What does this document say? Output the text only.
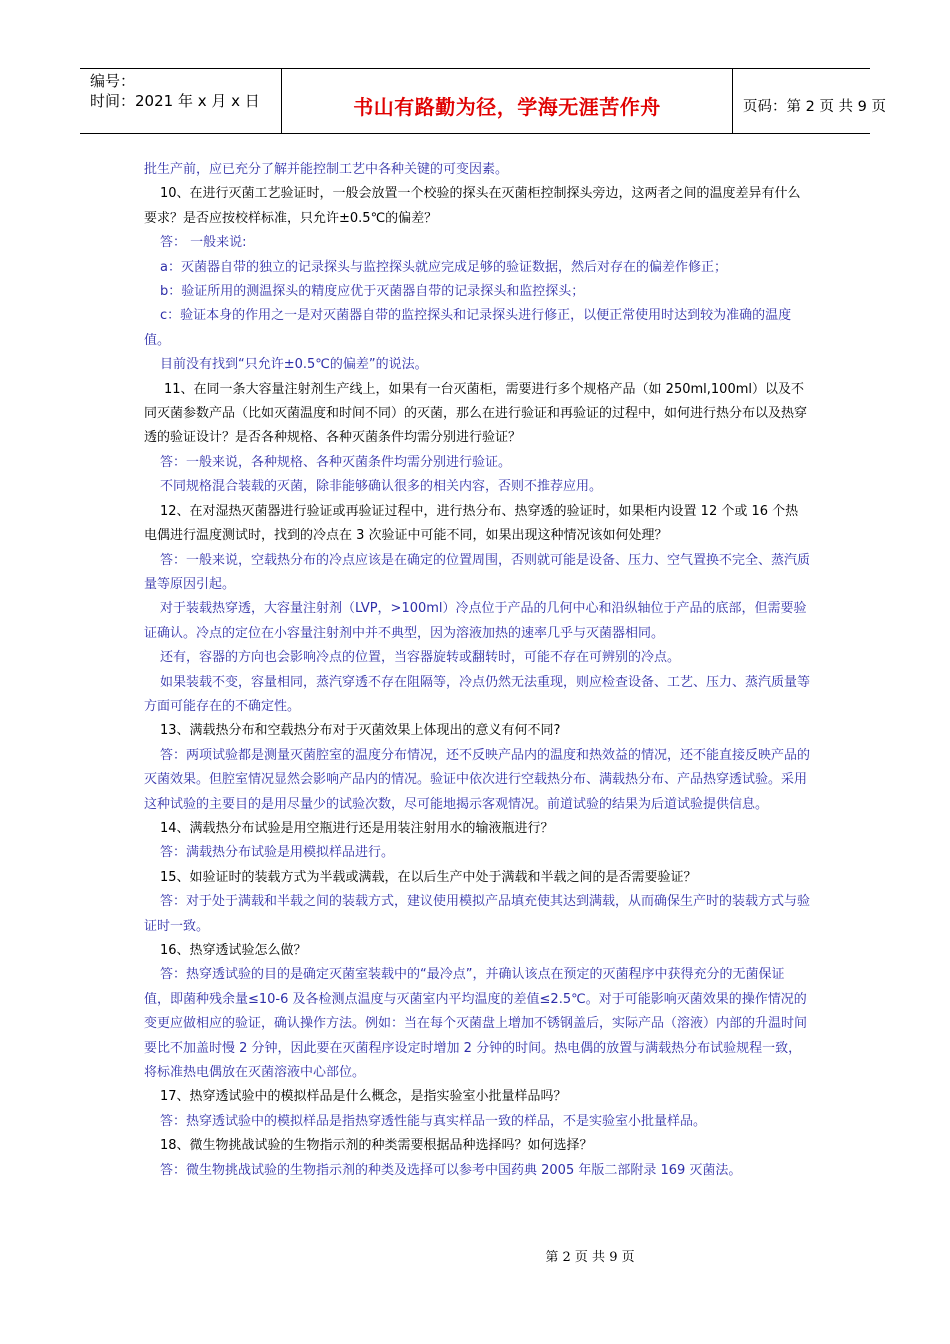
编号：
时间：2021 年 x 月 x 日	书山有路勤为径，学海无涯苦作舟	页码：第 2 页 共 9 页

批生产前，应已充分了解并能控制工艺中各种关键的可变因素。

10、在进行灭菌工艺验证时，一般会放置一个校验的探头在灭菌柜控制探头旁边，这两者之间的温度差异有什么要求？是否应按校样标准，只允许±0.5℃的偏差？

答： 一般来说:

a：灭菌器自带的独立的记录探头与监控探头就应完成足够的验证数据，然后对存在的偏差作修正；

b：验证所用的测温探头的精度应优于灭菌器自带的记录探头和监控探头；

c：验证本身的作用之一是对灭菌器自带的监控探头和记录探头进行修正，以便正常使用时达到较为准确的温度值。

目前没有找到“只允许±0.5℃的偏差”的说法。

11、在同一条大容量注射剂生产线上，如果有一台灭菌柜，需要进行多个规格产品（如 250ml,100ml）以及不同灭菌参数产品（比如灭菌温度和时间不同）的灭菌，那么在进行验证和再验证的过程中，如何进行热分布以及热穿透的验证设计？是否各种规格、各种灭菌条件均需分别进行验证？

答：一般来说，各种规格、各种灭菌条件均需分别进行验证。

不同规格混合装载的灭菌，除非能够确认很多的相关内容，否则不推荐应用。

12、在对湿热灭菌器进行验证或再验证过程中，进行热分布、热穿透的验证时，如果柜内设置 12 个或 16 个热电偶进行温度测试时，找到的冷点在 3 次验证中可能不同，如果出现这种情况该如何处理？

答：一般来说，空载热分布的冷点应该是在确定的位置周围，否则就可能是设备、压力、空气置换不完全、蒸汽质量等原因引起。

对于装载热穿透，大容量注射剂（LVP，>100ml）冷点位于产品的几何中心和沿纵轴位于产品的底部，但需要验证确认。冷点的定位在小容量注射剂中并不典型，因为溶液加热的速率几乎与灭菌器相同。

还有，容器的方向也会影响冷点的位置，当容器旋转或翻转时，可能不存在可辨别的冷点。

如果装载不变，容量相同，蒸汽穿透不存在阻隔等，冷点仍然无法重现，则应检查设备、工艺、压力、蒸汽质量等方面可能存在的不确定性。

13、满载热分布和空载热分布对于灭菌效果上体现出的意义有何不同?

答：两项试验都是测量灭菌腔室的温度分布情况，还不反映产品内的温度和热效益的情况，还不能直接反映产品的灭菌效果。但腔室情况显然会影响产品内的情况。验证中依次进行空载热分布、满载热分布、产品热穿透试验。采用这种试验的主要目的是用尽量少的试验次数，尽可能地揭示客观情况。前道试验的结果为后道试验提供信息。

14、满载热分布试验是用空瓶进行还是用装注射用水的输液瓶进行？

答：满载热分布试验是用模拟样品进行。

15、如验证时的装载方式为半载或满载，在以后生产中处于满载和半载之间的是否需要验证？

答：对于处于满载和半载之间的装载方式，建议使用模拟产品填充使其达到满载，从而确保生产时的装载方式与验证时一致。

16、热穿透试验怎么做？

答：热穿透试验的目的是确定灭菌室装载中的“最冷点”，并确认该点在预定的灭菌程序中获得充分的无菌保证值，即菌种残余量≤10-6 及各检测点温度与灭菌室内平均温度的差值≤2.5℃。对于可能影响灭菌效果的操作情况的变更应做相应的验证，确认操作方法。例如：当在每个灭菌盘上增加不锈钢盖后，实际产品（溶液）内部的升温时间要比不加盖时慢 2 分钟，因此要在灭菌程序设定时增加 2 分钟的时间。热电偶的放置与满载热分布试验规程一致，将标准热电偶放在灭菌溶液中心部位。

17、热穿透试验中的模拟样品是什么概念，是指实验室小批量样品吗？

答：热穿透试验中的模拟样品是指热穿透性能与真实样品一致的样品，不是实验室小批量样品。

18、微生物挑战试验的生物指示剂的种类需要根据品种选择吗？如何选择？

答：微生物挑战试验的生物指示剂的种类及选择可以参考中国药典 2005 年版二部附录 169 灭菌法。

第 2 页 共 9 页
